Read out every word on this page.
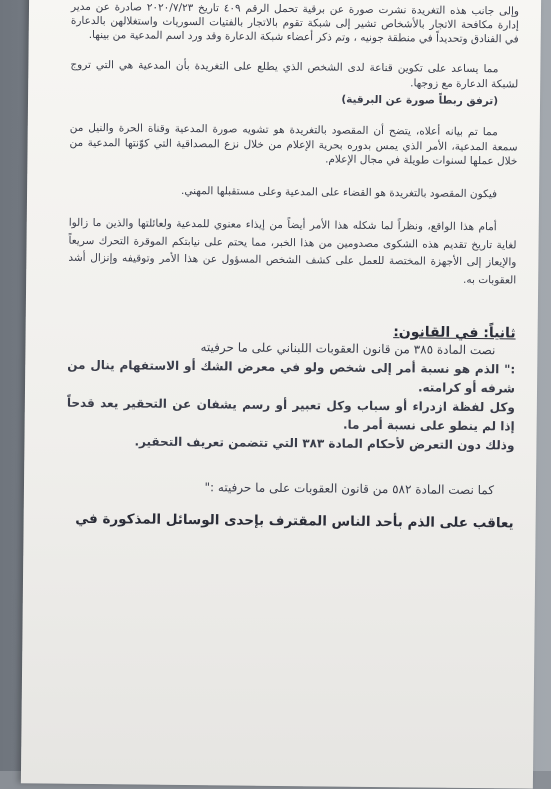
وإلى جانب هذه التغريدة نشرت صورة عن برقية تحمل الرقم ٤٠٩ تاريخ ٢٠٢٠/٧/٢٣ صادرة عن مدير إدارة مكافحة الاتجار بالأشخاص تشير إلى شبكة تقوم بالاتجار بالفتيات السوريات واستغلالهن بالدعارة في الفنادق وتحديداً في منطقة جونيه ، وتم ذكر أعضاء شبكة الدعارة وقد ورد اسم المدعية من بينها.

مما يساعد على تكوين قناعة لدى الشخص الذي يطلع على التغريدة بأن المدعية هي التي تروج لشبكة الدعارة مع زوجها.

(ترفق ربطاً صورة عن البرقية)

مما تم بيانه أعلاه، يتضح أن المقصود بالتغريدة هو تشويه صورة المدعية وقناة الحرة والنيل من سمعة المدعية، الأمر الذي يمس بدوره بحرية الإعلام من خلال نزع المصداقية التي كوّنتها المدعية من خلال عملها لسنوات طويلة في مجال الإعلام.

فيكون المقصود بالتغريدة هو القضاء على المدعية وعلى مستقبلها المهني.

أمام هذا الواقع، ونظراً لما شكله هذا الأمر أيضاً من إيذاء معنوي للمدعية ولعائلتها والذين ما زالوا لغاية تاريخ تقديم هذه الشكوى مصدومين من هذا الخبر، مما يحتم على نيابتكم الموقرة التحرك سريعاً والإيعاز إلى الأجهزة المختصة للعمل على كشف الشخص المسؤول عن هذا الأمر وتوقيفه وإنزال أشد العقوبات به.

ثانياً: في القانون:

نصت المادة ٣٨٥ من قانون العقوبات اللبناني على ما حرفيته

:" الذم هو نسبة أمر إلى شخص ولو في معرض الشك أو الاستفهام ينال من شرفه أو كرامته.

وكل لفظة ازدراء أو سباب وكل تعبير أو رسم يشفان عن التحقير يعد قدحاً إذا لم ينطو على نسبة أمر ما.

وذلك دون التعرض لأحكام المادة ٣٨٣ التي تتضمن تعريف التحقير.

كما نصت المادة ٥٨٢ من قانون العقوبات على ما حرفيته :"

يعاقب على الذم بأحد الناس المقترف بإحدى الوسائل المذكورة في
